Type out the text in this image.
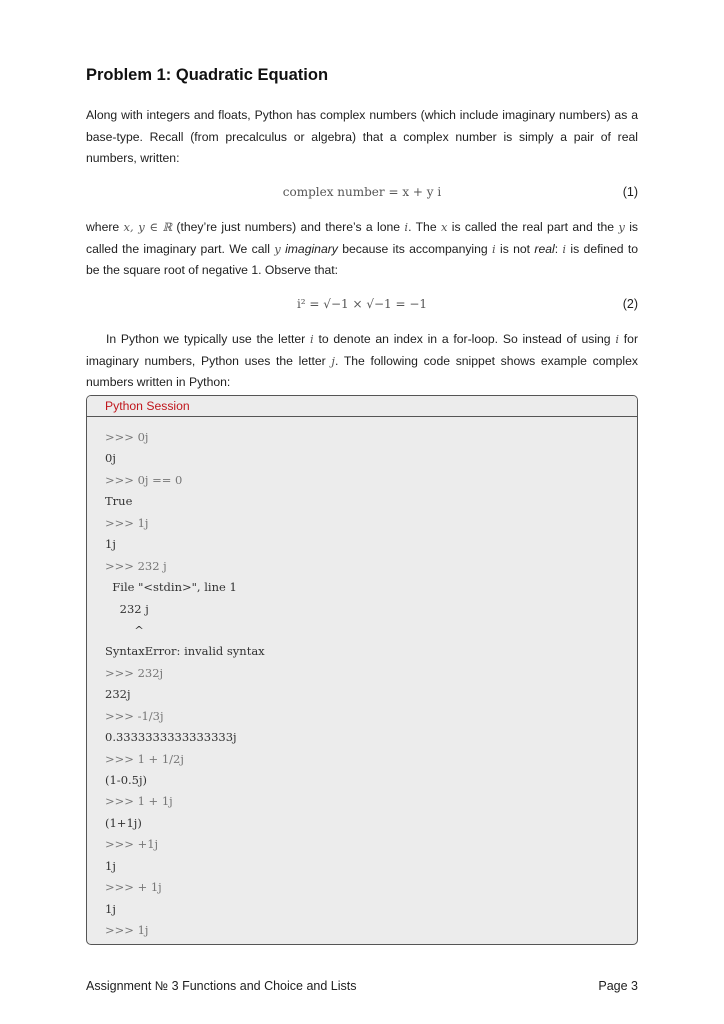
Problem 1: Quadratic Equation
Along with integers and floats, Python has complex numbers (which include imaginary numbers) as a base-type. Recall (from precalculus or algebra) that a complex number is simply a pair of real numbers, written:
complex number = x + y i	(1)
where x, y ∈ ℝ (they’re just numbers) and there’s a lone i. The x is called the real part and the y is called the imaginary part. We call y imaginary because its accompanying i is not real: i is defined to be the square root of negative 1. Observe that:
i² = √−1 × √−1 = −1	(2)
In Python we typically use the letter i to denote an index in a for-loop. So instead of using i for imaginary numbers, Python uses the letter j. The following code snippet shows example complex numbers written in Python:
Python Session
>>> 0j
0j
>>> 0j == 0
True
>>> 1j
1j
>>> 232 j
File "<stdin>", line 1
232 j
^
SyntaxError: invalid syntax
>>> 232j
232j
>>> -1/3j
0.3333333333333333j
>>> 1 + 1/2j
(1-0.5j)
>>> 1 + 1j
(1+1j)
>>> +1j
1j
>>> + 1j
1j
>>> 1j
Assignment № 3 Functions and Choice and Lists	Page 3
